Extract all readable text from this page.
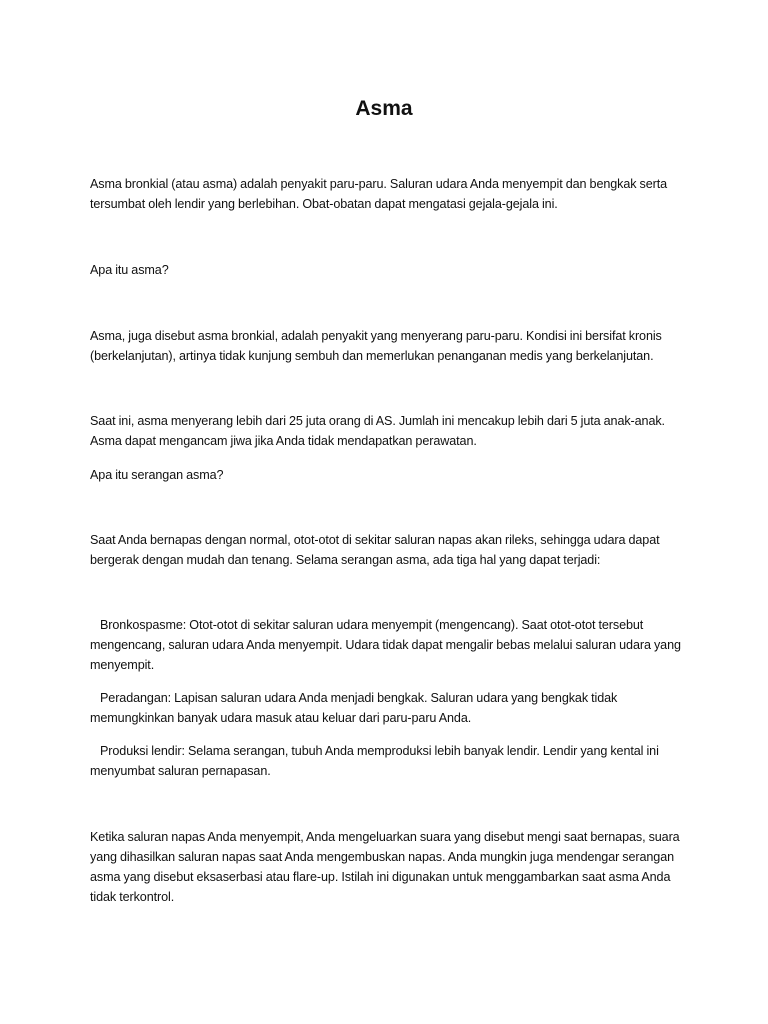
Asma

Asma bronkial (atau asma) adalah penyakit paru-paru. Saluran udara Anda menyempit dan bengkak serta tersumbat oleh lendir yang berlebihan. Obat-obatan dapat mengatasi gejala-gejala ini.

Apa itu asma?

Asma, juga disebut asma bronkial, adalah penyakit yang menyerang paru-paru. Kondisi ini bersifat kronis (berkelanjutan), artinya tidak kunjung sembuh dan memerlukan penanganan medis yang berkelanjutan.

Saat ini, asma menyerang lebih dari 25 juta orang di AS. Jumlah ini mencakup lebih dari 5 juta anak-anak. Asma dapat mengancam jiwa jika Anda tidak mendapatkan perawatan.

Apa itu serangan asma?

Saat Anda bernapas dengan normal, otot-otot di sekitar saluran napas akan rileks, sehingga udara dapat bergerak dengan mudah dan tenang. Selama serangan asma, ada tiga hal yang dapat terjadi:

Bronkospasme: Otot-otot di sekitar saluran udara menyempit (mengencang). Saat otot-otot tersebut mengencang, saluran udara Anda menyempit. Udara tidak dapat mengalir bebas melalui saluran udara yang menyempit.

Peradangan: Lapisan saluran udara Anda menjadi bengkak. Saluran udara yang bengkak tidak memungkinkan banyak udara masuk atau keluar dari paru-paru Anda.

Produksi lendir: Selama serangan, tubuh Anda memproduksi lebih banyak lendir. Lendir yang kental ini menyumbat saluran pernapasan.

Ketika saluran napas Anda menyempit, Anda mengeluarkan suara yang disebut mengi saat bernapas, suara yang dihasilkan saluran napas saat Anda mengembuskan napas. Anda mungkin juga mendengar serangan asma yang disebut eksaserbasi atau flare-up. Istilah ini digunakan untuk menggambarkan saat asma Anda tidak terkontrol.
